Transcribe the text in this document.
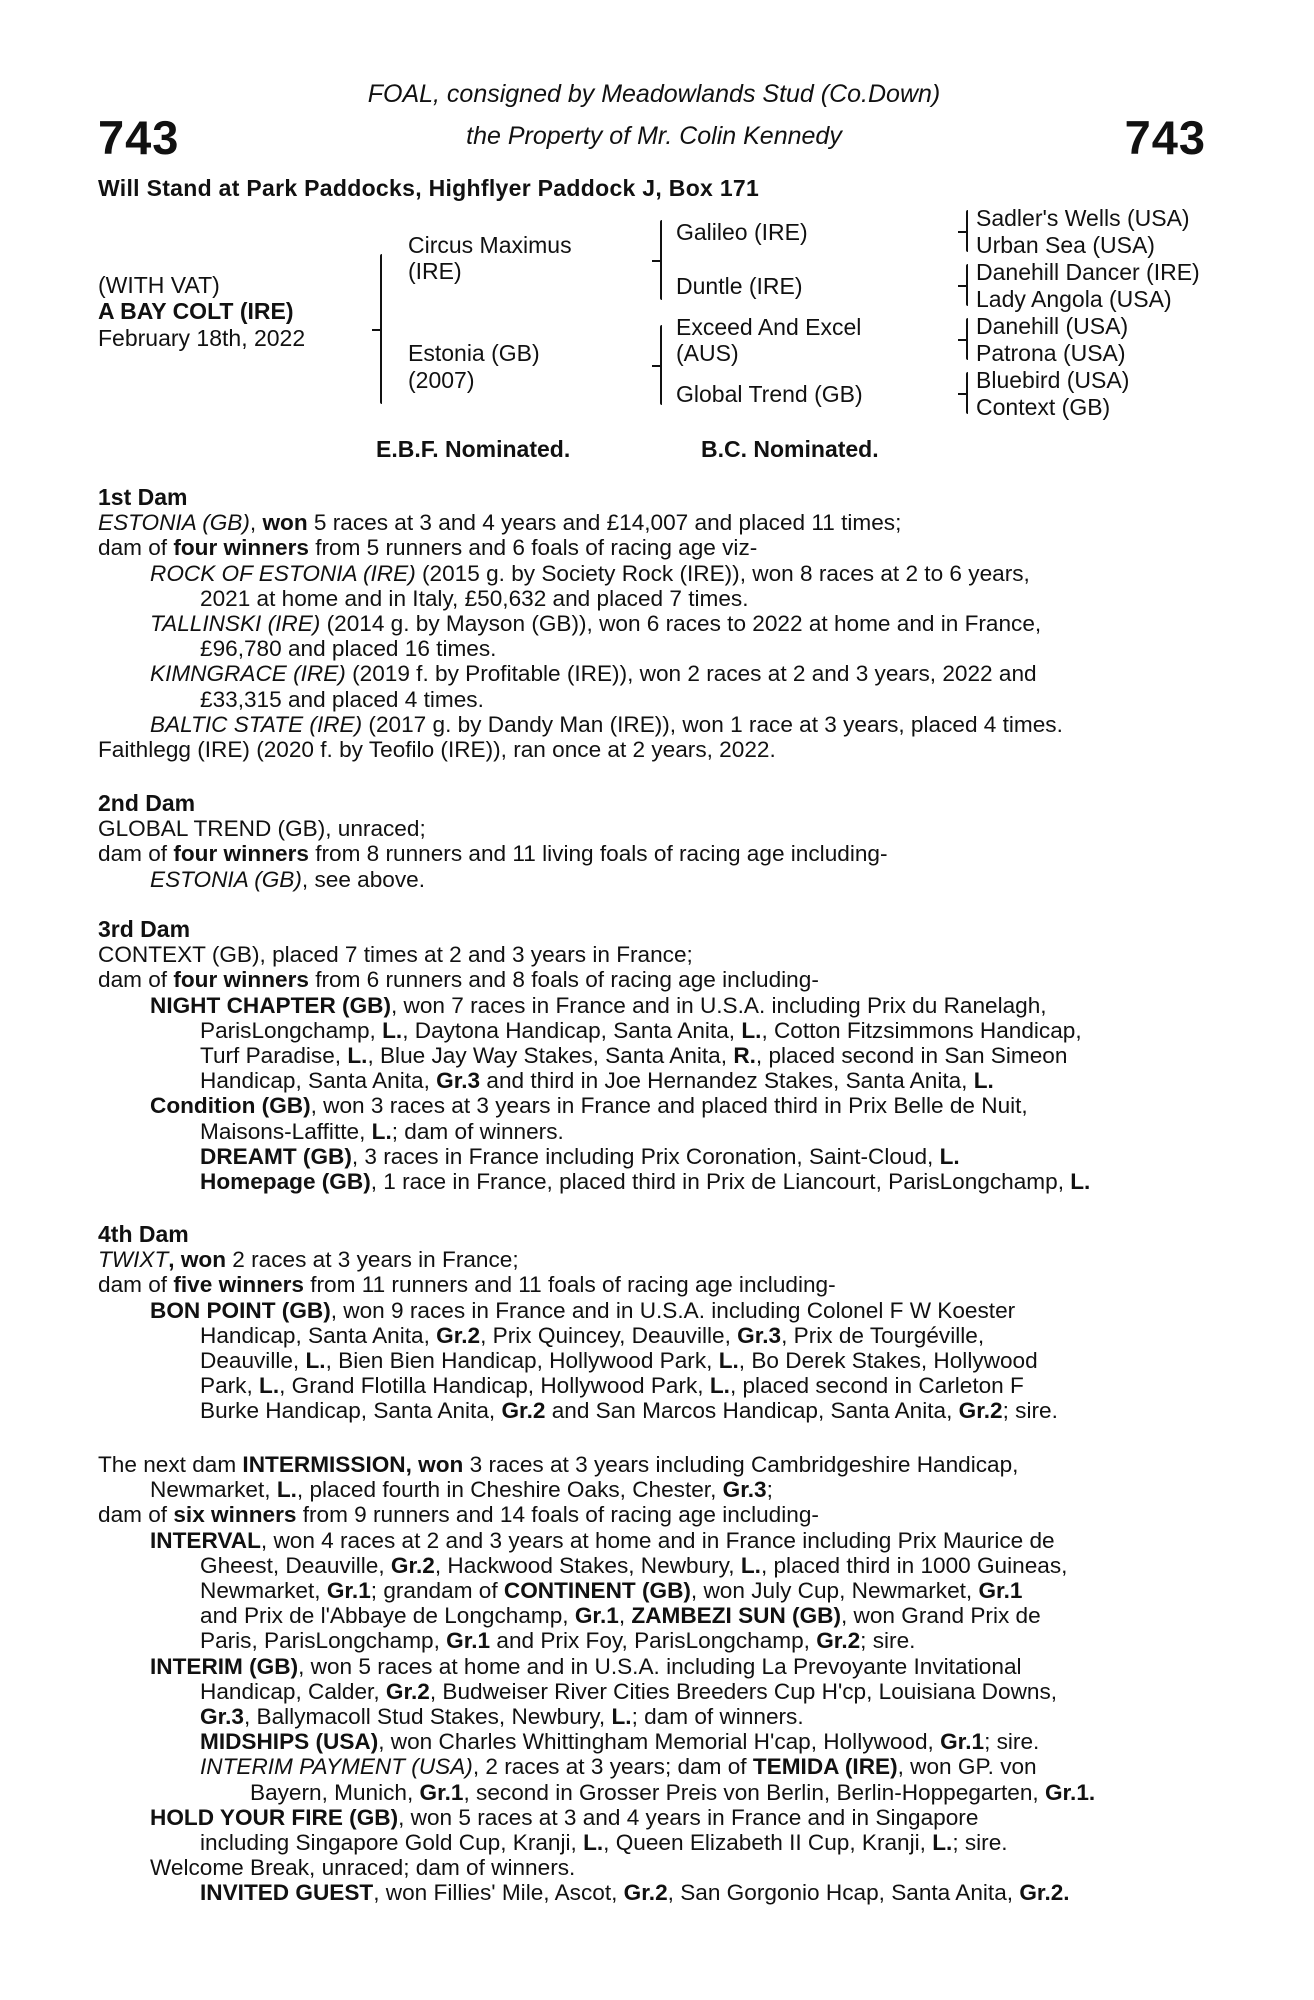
743	743
FOAL, consigned by Meadowlands Stud (Co.Down)
the Property of Mr. Colin Kennedy
Will Stand at Park Paddocks, Highflyer Paddock J, Box 171
(WITH VAT)
A BAY COLT (IRE)
February 18th, 2022
Circus Maximus
(IRE)
Estonia (GB)
(2007)
Galileo (IRE)
Duntle (IRE)
Exceed And Excel
(AUS)
Global Trend (GB)
Sadler's Wells (USA)
Urban Sea (USA)
Danehill Dancer (IRE)
Lady Angola (USA)
Danehill (USA)
Patrona (USA)
Bluebird (USA)
Context (GB)
E.B.F. Nominated.	B.C. Nominated.
1st Dam
ESTONIA (GB), won 5 races at 3 and 4 years and £14,007 and placed 11 times;
dam of four winners from 5 runners and 6 foals of racing age viz-
ROCK OF ESTONIA (IRE) (2015 g. by Society Rock (IRE)), won 8 races at 2 to 6 years,
2021 at home and in Italy, £50,632 and placed 7 times.
TALLINSKI (IRE) (2014 g. by Mayson (GB)), won 6 races to 2022 at home and in France,
£96,780 and placed 16 times.
KIMNGRACE (IRE) (2019 f. by Profitable (IRE)), won 2 races at 2 and 3 years, 2022 and
£33,315 and placed 4 times.
BALTIC STATE (IRE) (2017 g. by Dandy Man (IRE)), won 1 race at 3 years, placed 4 times.
Faithlegg (IRE) (2020 f. by Teofilo (IRE)), ran once at 2 years, 2022.
2nd Dam
GLOBAL TREND (GB), unraced;
dam of four winners from 8 runners and 11 living foals of racing age including-
ESTONIA (GB), see above.
3rd Dam
CONTEXT (GB), placed 7 times at 2 and 3 years in France;
dam of four winners from 6 runners and 8 foals of racing age including-
NIGHT CHAPTER (GB), won 7 races in France and in U.S.A. including Prix du Ranelagh,
ParisLongchamp, L., Daytona Handicap, Santa Anita, L., Cotton Fitzsimmons Handicap,
Turf Paradise, L., Blue Jay Way Stakes, Santa Anita, R., placed second in San Simeon
Handicap, Santa Anita, Gr.3 and third in Joe Hernandez Stakes, Santa Anita, L.
Condition (GB), won 3 races at 3 years in France and placed third in Prix Belle de Nuit,
Maisons-Laffitte, L.; dam of winners.
DREAMT (GB), 3 races in France including Prix Coronation, Saint-Cloud, L.
Homepage (GB), 1 race in France, placed third in Prix de Liancourt, ParisLongchamp, L.
4th Dam
TWIXT, won 2 races at 3 years in France;
dam of five winners from 11 runners and 11 foals of racing age including-
BON POINT (GB), won 9 races in France and in U.S.A. including Colonel F W Koester
Handicap, Santa Anita, Gr.2, Prix Quincey, Deauville, Gr.3, Prix de Tourgéville,
Deauville, L., Bien Bien Handicap, Hollywood Park, L., Bo Derek Stakes, Hollywood
Park, L., Grand Flotilla Handicap, Hollywood Park, L., placed second in Carleton F
Burke Handicap, Santa Anita, Gr.2 and San Marcos Handicap, Santa Anita, Gr.2; sire.
The next dam INTERMISSION, won 3 races at 3 years including Cambridgeshire Handicap,
Newmarket, L., placed fourth in Cheshire Oaks, Chester, Gr.3;
dam of six winners from 9 runners and 14 foals of racing age including-
INTERVAL, won 4 races at 2 and 3 years at home and in France including Prix Maurice de
Gheest, Deauville, Gr.2, Hackwood Stakes, Newbury, L., placed third in 1000 Guineas,
Newmarket, Gr.1; grandam of CONTINENT (GB), won July Cup, Newmarket, Gr.1
and Prix de l'Abbaye de Longchamp, Gr.1, ZAMBEZI SUN (GB), won Grand Prix de
Paris, ParisLongchamp, Gr.1 and Prix Foy, ParisLongchamp, Gr.2; sire.
INTERIM (GB), won 5 races at home and in U.S.A. including La Prevoyante Invitational
Handicap, Calder, Gr.2, Budweiser River Cities Breeders Cup H'cp, Louisiana Downs,
Gr.3, Ballymacoll Stud Stakes, Newbury, L.; dam of winners.
MIDSHIPS (USA), won Charles Whittingham Memorial H'cap, Hollywood, Gr.1; sire.
INTERIM PAYMENT (USA), 2 races at 3 years; dam of TEMIDA (IRE), won GP. von
Bayern, Munich, Gr.1, second in Grosser Preis von Berlin, Berlin-Hoppegarten, Gr.1.
HOLD YOUR FIRE (GB), won 5 races at 3 and 4 years in France and in Singapore
including Singapore Gold Cup, Kranji, L., Queen Elizabeth II Cup, Kranji, L.; sire.
Welcome Break, unraced; dam of winners.
INVITED GUEST, won Fillies' Mile, Ascot, Gr.2, San Gorgonio Hcap, Santa Anita, Gr.2.
